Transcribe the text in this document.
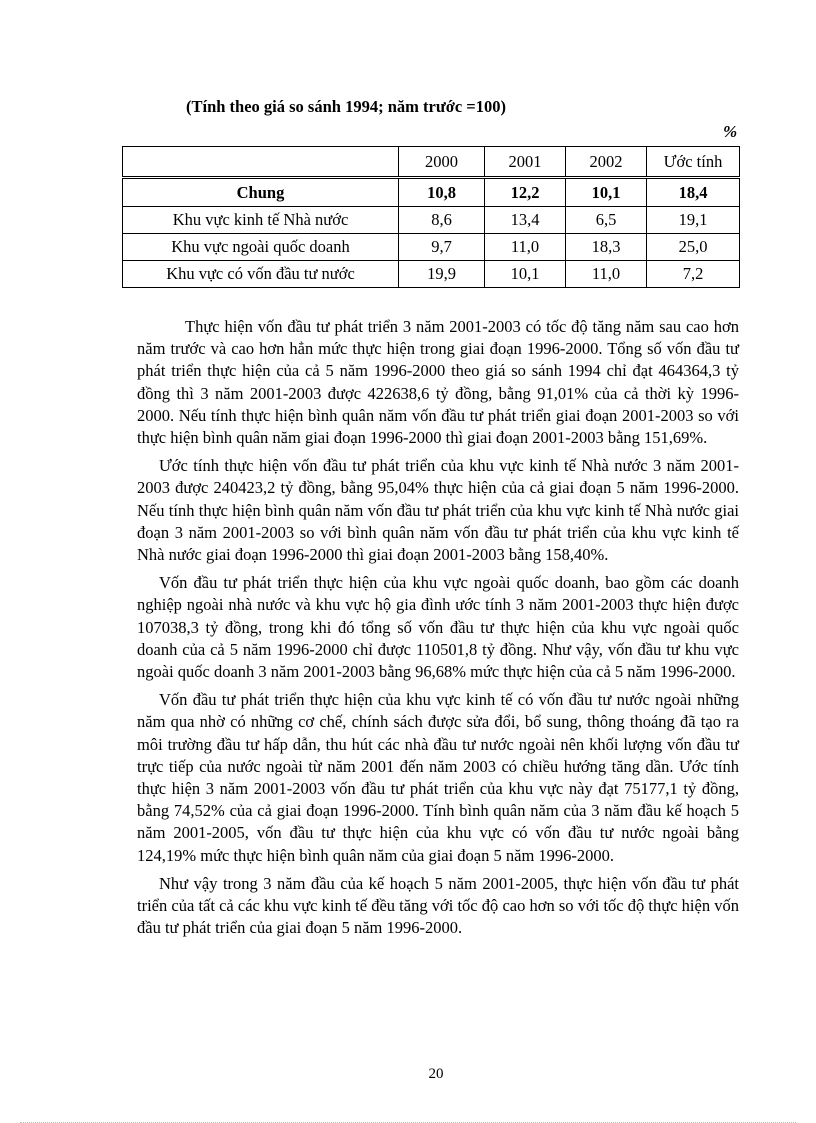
(Tính theo giá so sánh 1994; năm trước =100)
%
	2000	2001	2002	Ước tính
Chung	10,8	12,2	10,1	18,4
Khu vực kinh tế Nhà nước	8,6	13,4	6,5	19,1
Khu vực ngoài quốc doanh	9,7	11,0	18,3	25,0
Khu vực có vốn đầu tư nước	19,9	10,1	11,0	7,2

Thực hiện vốn đầu tư phát triển 3 năm 2001-2003 có tốc độ tăng năm sau cao hơn năm trước và cao hơn hẳn mức thực hiện trong giai đoạn 1996-2000. Tổng số vốn đầu tư phát triển thực hiện của cả 5 năm 1996-2000 theo giá so sánh 1994 chỉ đạt 464364,3 tỷ đồng thì 3 năm 2001-2003 được 422638,6 tỷ đồng, bằng 91,01% của cả thời kỳ 1996-2000. Nếu tính thực hiện bình quân năm vốn đầu tư phát triển giai đoạn 2001-2003 so với thực hiện bình quân năm giai đoạn 1996-2000 thì giai đoạn 2001-2003 bằng 151,69%.

Ước tính thực hiện vốn đầu tư phát triển của khu vực kinh tế Nhà nước 3 năm 2001-2003 được 240423,2 tỷ đồng, bằng 95,04% thực hiện của cả giai đoạn 5 năm 1996-2000. Nếu tính thực hiện bình quân năm vốn đầu tư phát triển của khu vực kinh tế Nhà nước giai đoạn 3 năm 2001-2003 so với bình quân năm vốn đầu tư phát triển của khu vực kinh tế Nhà nước giai đoạn 1996-2000 thì giai đoạn 2001-2003 bằng 158,40%.

Vốn đầu tư phát triển thực hiện của khu vực ngoài quốc doanh, bao gồm các doanh nghiệp ngoài nhà nước và khu vực hộ gia đình ước tính 3 năm 2001-2003 thực hiện được 107038,3 tỷ đồng, trong khi đó tổng số vốn đầu tư thực hiện của khu vực ngoài quốc doanh của cả 5 năm 1996-2000 chỉ được 110501,8 tỷ đồng. Như vậy, vốn đầu tư khu vực ngoài quốc doanh 3 năm 2001-2003 bằng 96,68% mức thực hiện của cả 5 năm 1996-2000.

Vốn đầu tư phát triển thực hiện của khu vực kinh tế có vốn đầu tư nước ngoài những năm qua nhờ có những cơ chế, chính sách được sửa đổi, bổ sung, thông thoáng đã tạo ra môi trường đầu tư hấp dẫn, thu hút các nhà đầu tư nước ngoài nên khối lượng vốn đầu tư trực tiếp của nước ngoài từ năm 2001 đến năm 2003 có chiều hướng tăng dần. Ước tính thực hiện 3 năm 2001-2003 vốn đầu tư phát triển của khu vực này đạt 75177,1 tỷ đồng, bằng 74,52% của cả giai đoạn 1996-2000. Tính bình quân năm của 3 năm đầu kế hoạch 5 năm 2001-2005, vốn đầu tư thực hiện của khu vực có vốn đầu tư nước ngoài bằng 124,19% mức thực hiện bình quân năm của giai đoạn 5 năm 1996-2000.

Như vậy trong 3 năm đầu của kế hoạch 5 năm 2001-2005, thực hiện vốn đầu tư phát triển của tất cả các khu vực kinh tế đều tăng với tốc độ cao hơn so với tốc độ thực hiện vốn đầu tư phát triển của giai đoạn 5 năm 1996-2000.

20
